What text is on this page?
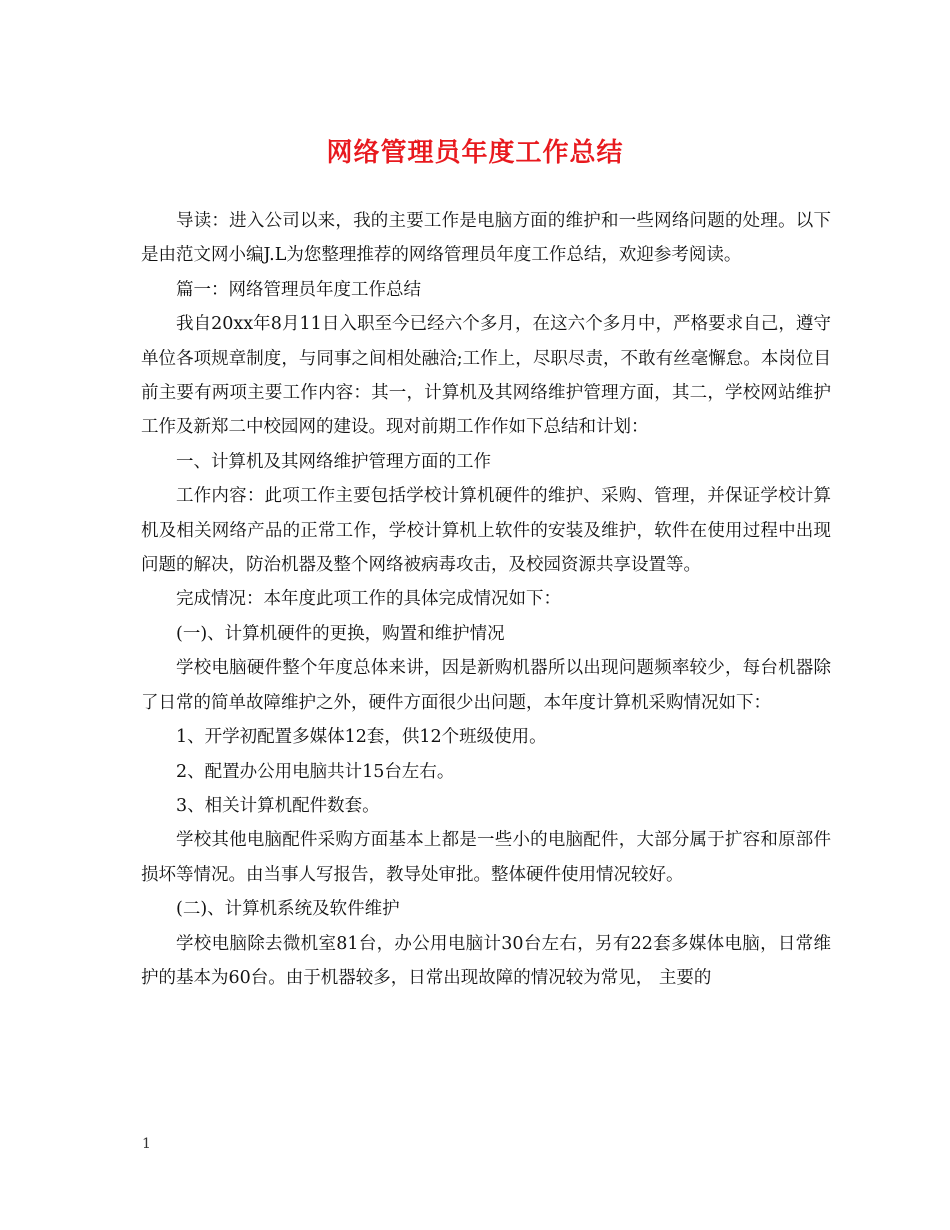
网络管理员年度工作总结

导读：进入公司以来，我的主要工作是电脑方面的维护和一些网络问题的处理。以下是由范文网小编J.L为您整理推荐的网络管理员年度工作总结，欢迎参考阅读。

篇一：网络管理员年度工作总结

我自20xx年8月11日入职至今已经六个多月，在这六个多月中，严格要求自己，遵守单位各项规章制度，与同事之间相处融洽;工作上，尽职尽责，不敢有丝毫懈怠。本岗位目前主要有两项主要工作内容：其一，计算机及其网络维护管理方面，其二，学校网站维护工作及新郑二中校园网的建设。现对前期工作作如下总结和计划：

一、计算机及其网络维护管理方面的工作

工作内容：此项工作主要包括学校计算机硬件的维护、采购、管理，并保证学校计算机及相关网络产品的正常工作，学校计算机上软件的安装及维护，软件在使用过程中出现问题的解决，防治机器及整个网络被病毒攻击，及校园资源共享设置等。

完成情况：本年度此项工作的具体完成情况如下：

(一)、计算机硬件的更换，购置和维护情况

学校电脑硬件整个年度总体来讲，因是新购机器所以出现问题频率较少，每台机器除了日常的简单故障维护之外，硬件方面很少出问题，本年度计算机采购情况如下：

1、开学初配置多媒体12套，供12个班级使用。

2、配置办公用电脑共计15台左右。

3、相关计算机配件数套。

学校其他电脑配件采购方面基本上都是一些小的电脑配件，大部分属于扩容和原部件损坏等情况。由当事人写报告，教导处审批。整体硬件使用情况较好。

(二)、计算机系统及软件维护

学校电脑除去微机室81台，办公用电脑计30台左右，另有22套多媒体电脑，日常维护的基本为60台。由于机器较多，日常出现故障的情况较为常见， 主要的

1
